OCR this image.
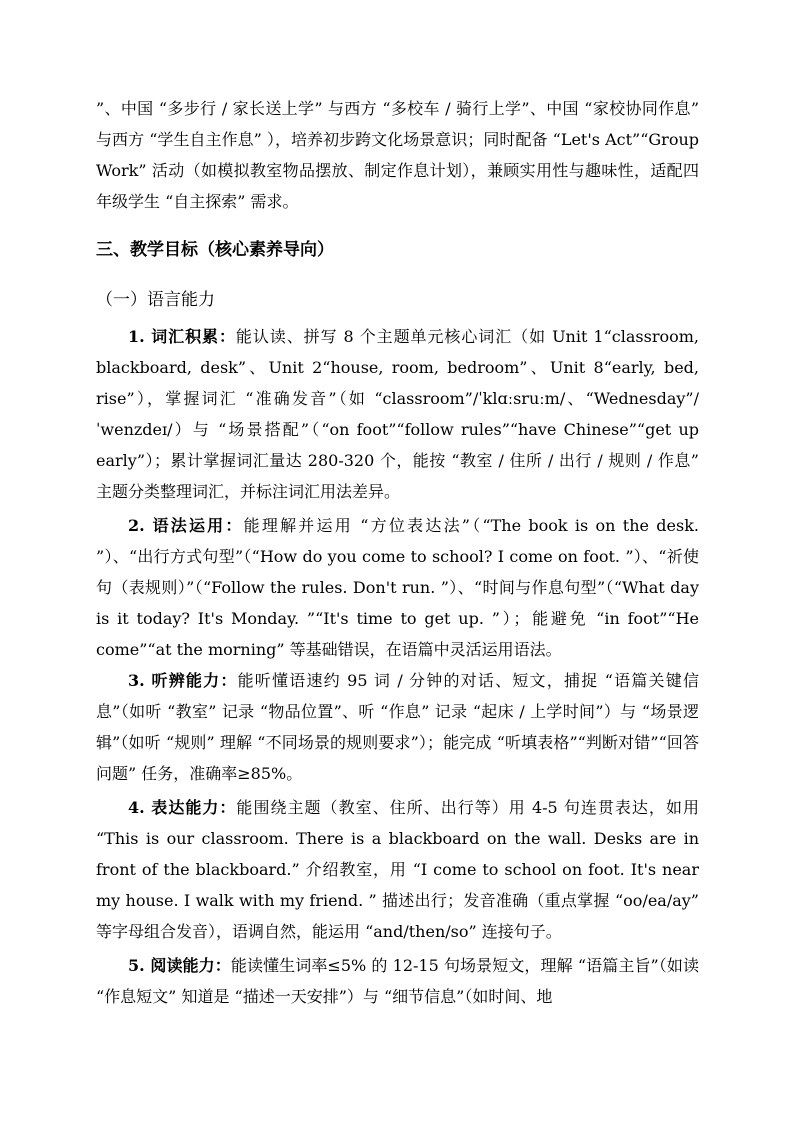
”、中国 “多步行 / 家长送上学” 与西方 “多校车 / 骑行上学”、中国 “家校协同作息” 与西方 “学生自主作息” ），培养初步跨文化场景意识；同时配备 “Let's Act”“Group Work” 活动（如模拟教室物品摆放、制定作息计划），兼顾实用性与趣味性，适配四年级学生 “自主探索” 需求。

三、教学目标（核心素养导向）
（一）语言能力

1. 词汇积累：能认读、拼写 8 个主题单元核心词汇（如 Unit 1“classroom, blackboard, desk”、Unit 2“house, room, bedroom”、Unit 8“early, bed, rise”），掌握词汇 “准确发音”（如 “classroom”/ˈklɑːsruːm/、“Wednesday”/ˈwenzdeɪ/）与 “场景搭配”（“on foot”“follow rules”“have Chinese”“get up early”）；累计掌握词汇量达 280-320 个，能按 “教室 / 住所 / 出行 / 规则 / 作息” 主题分类整理词汇，并标注词汇用法差异。

2. 语法运用：能理解并运用 “方位表达法”（“The book is on the desk. ”）、“出行方式句型”（“How do you come to school? I come on foot. ”）、“祈使句（表规则）”（“Follow the rules. Don't run. ”）、“时间与作息句型”（“What day is it today? It's Monday. ”“It's time to get up. ”）；能避免 “in foot”“He come”“at the morning” 等基础错误，在语篇中灵活运用语法。

3. 听辨能力：能听懂语速约 95 词 / 分钟的对话、短文，捕捉 “语篇关键信息”（如听 “教室” 记录 “物品位置”、听 “作息” 记录 “起床 / 上学时间”）与 “场景逻辑”（如听 “规则” 理解 “不同场景的规则要求”）；能完成 “听填表格”“判断对错”“回答问题” 任务，准确率≥85%。

4. 表达能力：能围绕主题（教室、住所、出行等）用 4-5 句连贯表达，如用 “This is our classroom. There is a blackboard on the wall. Desks are in front of the blackboard.” 介绍教室，用 “I come to school on foot. It's near my house. I walk with my friend. ” 描述出行；发音准确（重点掌握 “oo/ea/ay” 等字母组合发音），语调自然，能运用 “and/then/so” 连接句子。

5. 阅读能力：能读懂生词率≤5% 的 12-15 句场景短文，理解 “语篇主旨”（如读 “作息短文” 知道是 “描述一天安排”）与 “细节信息”（如时间、地
